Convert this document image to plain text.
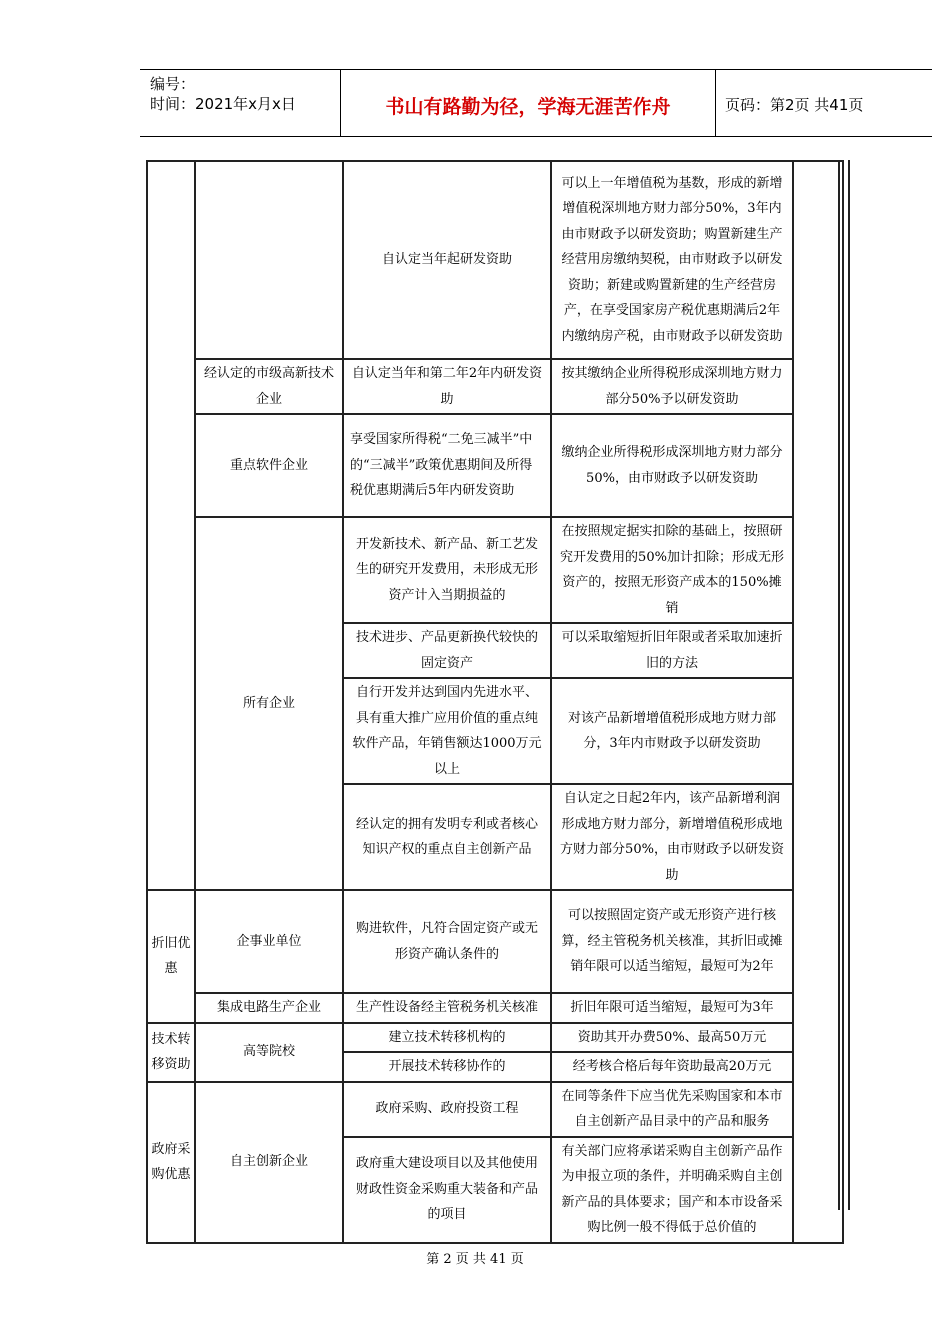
编号：
时间：2021年x月x日	书山有路勤为径，学海无涯苦作舟	页码：第2页 共41页
		自认定当年起研发资助	可以上一年增值税为基数，形成的新增增值税深圳地方财力部分50%，3年内由市财政予以研发资助；购置新建生产经营用房缴纳契税，由市财政予以研发资助；新建或购置新建的生产经营房产，在享受国家房产税优惠期满后2年内缴纳房产税，由市财政予以研发资助	
	经认定的市级高新技术企业	自认定当年和第二年2年内研发资助	按其缴纳企业所得税形成深圳地方财力部分50%予以研发资助	
	重点软件企业	享受国家所得税“二免三减半”中的“三减半”政策优惠期间及所得税优惠期满后5年内研发资助	缴纳企业所得税形成深圳地方财力部分50%，由市财政予以研发资助	
	所有企业	开发新技术、新产品、新工艺发生的研究开发费用，未形成无形资产计入当期损益的	在按照规定据实扣除的基础上，按照研究开发费用的50%加计扣除；形成无形资产的，按照无形资产成本的150%摊销	
		技术进步、产品更新换代较快的固定资产	可以采取缩短折旧年限或者采取加速折旧的方法	
		自行开发并达到国内先进水平、具有重大推广应用价值的重点纯软件产品，年销售额达1000万元以上	对该产品新增增值税形成地方财力部分，3年内市财政予以研发资助	
		经认定的拥有发明专利或者核心知识产权的重点自主创新产品	自认定之日起2年内，该产品新增利润形成地方财力部分，新增增值税形成地方财力部分50%，由市财政予以研发资助	
折旧优惠	企事业单位	购进软件，凡符合固定资产或无形资产确认条件的	可以按照固定资产或无形资产进行核算，经主管税务机关核准，其折旧或摊销年限可以适当缩短，最短可为2年	
	集成电路生产企业	生产性设备经主管税务机关核准	折旧年限可适当缩短，最短可为3年	
技术转移资助	高等院校	建立技术转移机构的	资助其开办费50%、最高50万元	
		开展技术转移协作的	经考核合格后每年资助最高20万元	
政府采购优惠	自主创新企业	政府采购、政府投资工程	在同等条件下应当优先采购国家和本市自主创新产品目录中的产品和服务	
		政府重大建设项目以及其他使用财政性资金采购重大装备和产品的项目	有关部门应将承诺采购自主创新产品作为申报立项的条件，并明确采购自主创新产品的具体要求；国产和本市设备采购比例一般不得低于总价值的	
第 2 页 共 41 页
